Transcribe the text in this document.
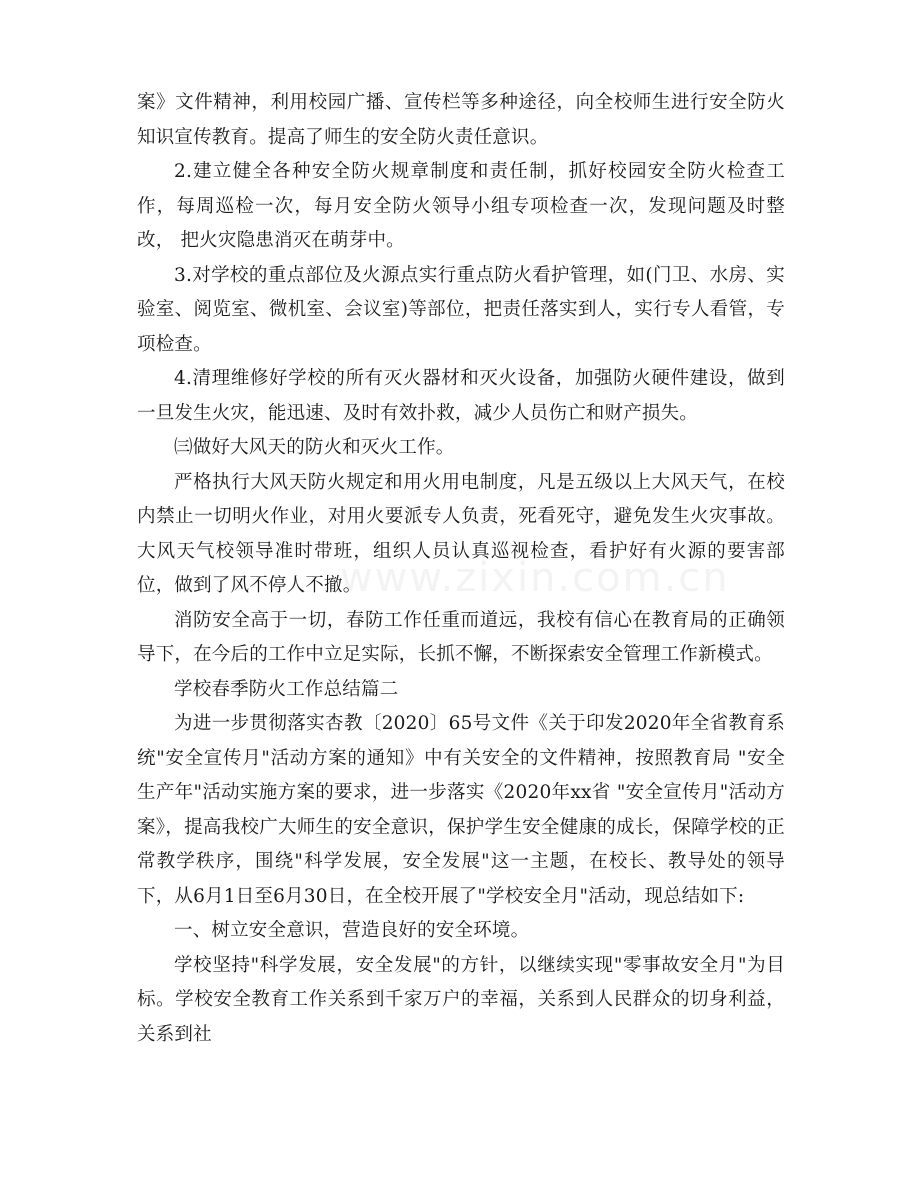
www.zixin.com.cn

案》文件精神，利用校园广播、宣传栏等多种途径，向全校师生进行安全防火知识宣传教育。提高了师生的安全防火责任意识。

2.建立健全各种安全防火规章制度和责任制，抓好校园安全防火检查工作，每周巡检一次，每月安全防火领导小组专项检查一次，发现问题及时整改， 把火灾隐患消灭在萌芽中。

3.对学校的重点部位及火源点实行重点防火看护管理，如(门卫、水房、实验室、阅览室、微机室、会议室)等部位，把责任落实到人，实行专人看管，专项检查。

4.清理维修好学校的所有灭火器材和灭火设备，加强防火硬件建设，做到一旦发生火灾，能迅速、及时有效扑救，减少人员伤亡和财产损失。

㈢做好大风天的防火和灭火工作。

严格执行大风天防火规定和用火用电制度，凡是五级以上大风天气，在校内禁止一切明火作业，对用火要派专人负责，死看死守，避免发生火灾事故。大风天气校领导准时带班，组织人员认真巡视检查，看护好有火源的要害部位，做到了风不停人不撤。

消防安全高于一切，春防工作任重而道远，我校有信心在教育局的正确领导下，在今后的工作中立足实际，长抓不懈，不断探索安全管理工作新模式。

学校春季防火工作总结篇二

为进一步贯彻落实杏教〔2020〕65号文件《关于印发2020年全省教育系统"安全宣传月"活动方案的通知》中有关安全的文件精神，按照教育局 "安全生产年"活动实施方案的要求，进一步落实《2020年xx省 "安全宣传月"活动方案》，提高我校广大师生的安全意识，保护学生安全健康的成长，保障学校的正常教学秩序，围绕"科学发展，安全发展"这一主题，在校长、教导处的领导下，从6月1日至6月30日，在全校开展了"学校安全月"活动，现总结如下:

一、树立安全意识，营造良好的安全环境。

学校坚持"科学发展，安全发展"的方针，以继续实现"零事故安全月"为目标。学校安全教育工作关系到千家万户的幸福，关系到人民群众的切身利益，关系到社
